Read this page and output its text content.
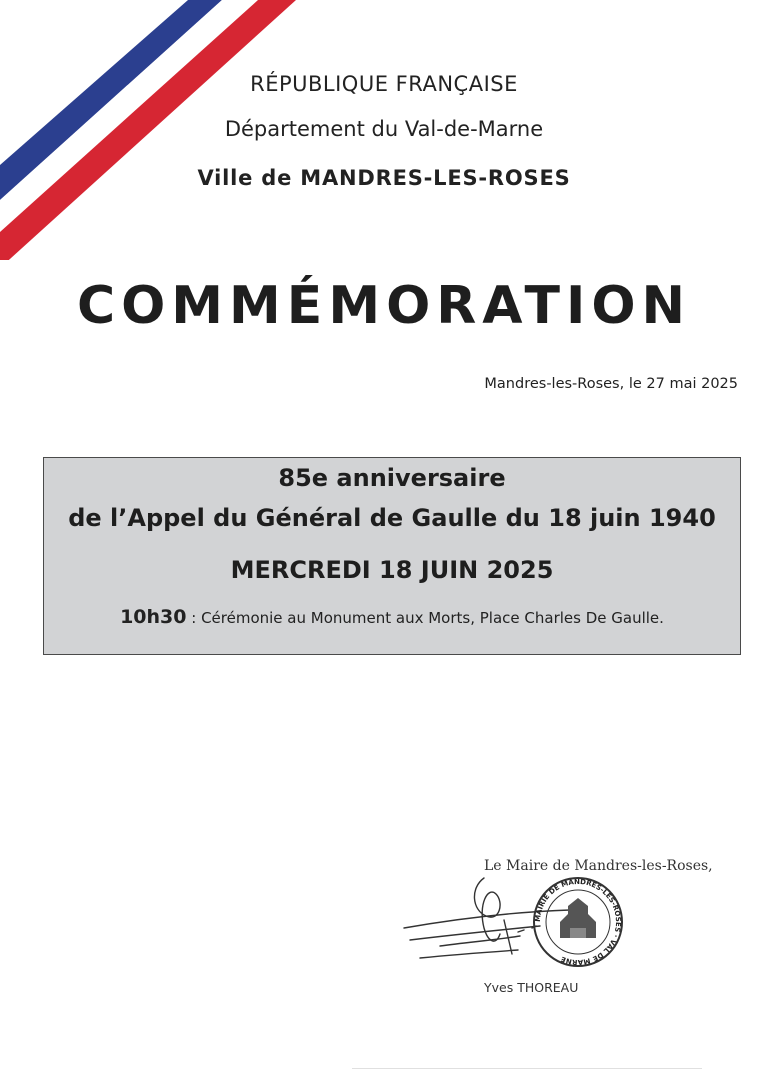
RÉPUBLIQUE FRANÇAISE
Département du Val-de-Marne
Ville de MANDRES-LES-ROSES
COMMÉMORATION
Mandres-les-Roses, le 27 mai 2025
85e anniversaire
de l’Appel du Général de Gaulle du 18 juin 1940
MERCREDI 18 JUIN 2025
10h30 : Cérémonie au Monument aux Morts, Place Charles De Gaulle.
MAIRIE DE MANDRES-LES-ROSES · VAL DE MARNE
Le Maire de Mandres-les-Roses,
Yves THOREAU
